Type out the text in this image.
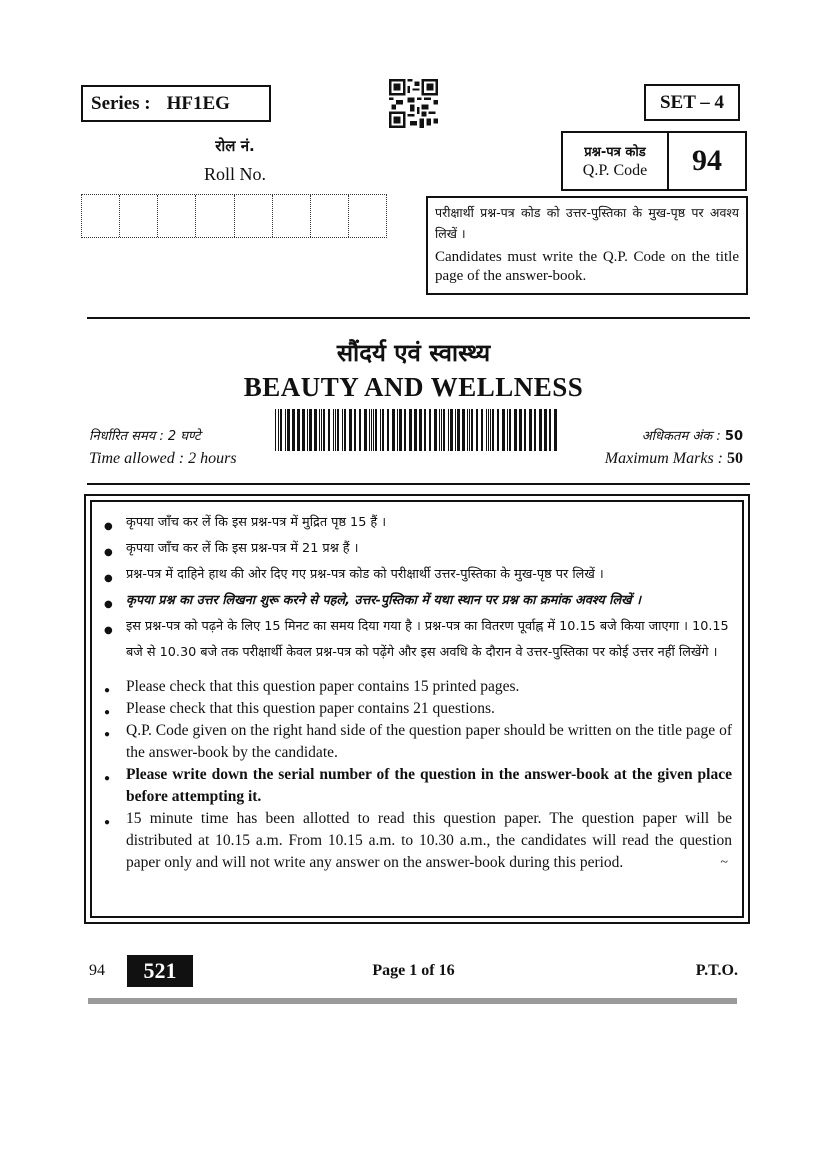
Series : HF1EG	SET – 4
रोल नं.
Roll No.
प्रश्न-पत्र कोड
Q.P. Code	94
परीक्षार्थी प्रश्न-पत्र कोड को उत्तर-पुस्तिका के मुख-पृष्ठ पर अवश्य लिखें ।
Candidates must write the Q.P. Code on the title page of the answer-book.
सौंदर्य एवं स्वास्थ्य
BEAUTY AND WELLNESS
निर्धारित समय : 2 घण्टे
Time allowed : 2 hours
अधिकतम अंक : 50
Maximum Marks : 50
● कृपया जाँच कर लें कि इस प्रश्न-पत्र में मुद्रित पृष्ठ 15 हैं ।
● कृपया जाँच कर लें कि इस प्रश्न-पत्र में 21 प्रश्न हैं ।
● प्रश्न-पत्र में दाहिने हाथ की ओर दिए गए प्रश्न-पत्र कोड को परीक्षार्थी उत्तर-पुस्तिका के मुख-पृष्ठ पर लिखें ।
● कृपया प्रश्न का उत्तर लिखना शुरू करने से पहले, उत्तर-पुस्तिका में यथा स्थान पर प्रश्न का क्रमांक अवश्य लिखें ।
● इस प्रश्न-पत्र को पढ़ने के लिए 15 मिनट का समय दिया गया है । प्रश्न-पत्र का वितरण पूर्वाह्न में 10.15 बजे किया जाएगा । 10.15 बजे से 10.30 बजे तक परीक्षार्थी केवल प्रश्न-पत्र को पढ़ेंगे और इस अवधि के दौरान वे उत्तर-पुस्तिका पर कोई उत्तर नहीं लिखेंगे ।
● Please check that this question paper contains 15 printed pages.
● Please check that this question paper contains 21 questions.
● Q.P. Code given on the right hand side of the question paper should be written on the title page of the answer-book by the candidate.
● Please write down the serial number of the question in the answer-book at the given place before attempting it.
● 15 minute time has been allotted to read this question paper. The question paper will be distributed at 10.15 a.m. From 10.15 a.m. to 10.30 a.m., the candidates will read the question paper only and will not write any answer on the answer-book during this period. ~
94	521	Page 1 of 16	P.T.O.
